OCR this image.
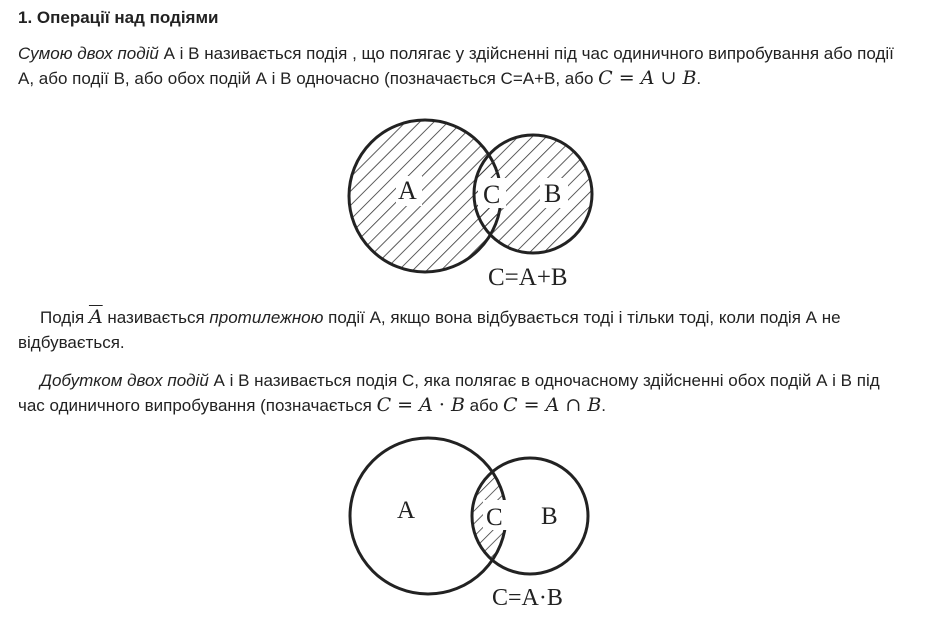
1. Операції над подіями
Сумою двох подій А і В називається подія , що полягає у здійсненні під час одиничного випробування або події
А, або події В, або обох подій А і В одночасно (позначається С=А+В, або C = A ∪ B.
A	C B
C=A+B
Подія $\overline{A}$ називається протилежною події А, якщо вона відбувається тоді і тільки тоді, коли подія А не
відбувається.
Добутком двох подій А і В називається подія С, яка полягає в одночасному здійсненні обох подій А і В під
час одиничного випробування (позначається C = A · B або C = A ∩ B.
A	C B
C=A·B
